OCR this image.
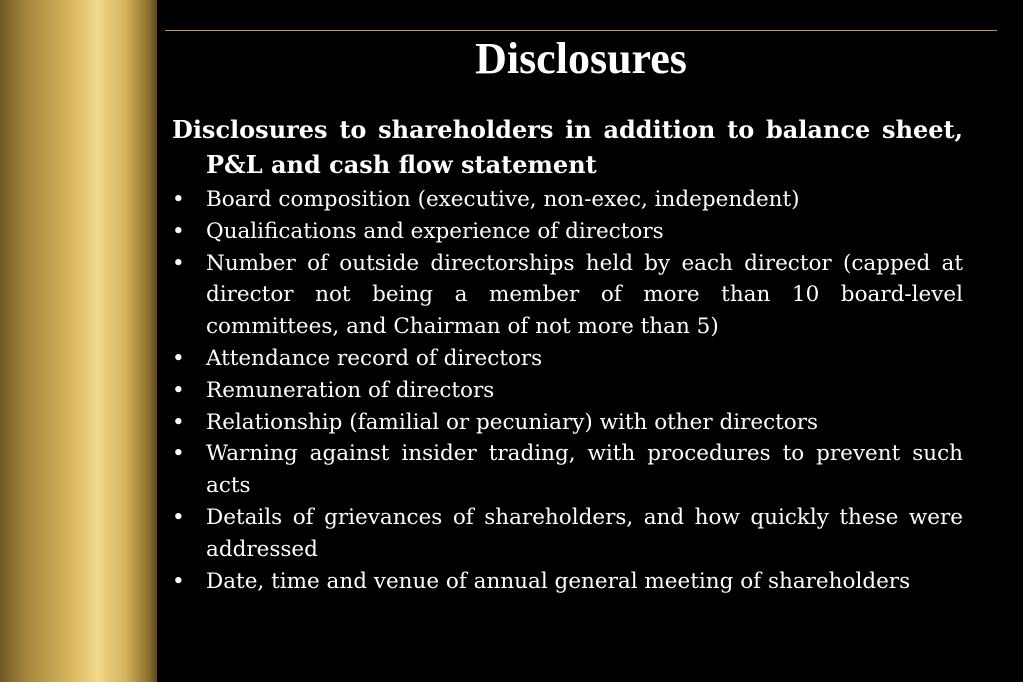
Disclosures

Disclosures to shareholders in addition to balance sheet, P&L and cash flow statement

• Board composition (executive, non-exec, independent)
• Qualifications and experience of directors
• Number of outside directorships held by each director (capped at director not being a member of more than 10 board-level committees, and Chairman of not more than 5)
• Attendance record of directors
• Remuneration of directors
• Relationship (familial or pecuniary) with other directors
• Warning against insider trading, with procedures to prevent such acts
• Details of grievances of shareholders, and how quickly these were addressed
• Date, time and venue of annual general meeting of shareholders
